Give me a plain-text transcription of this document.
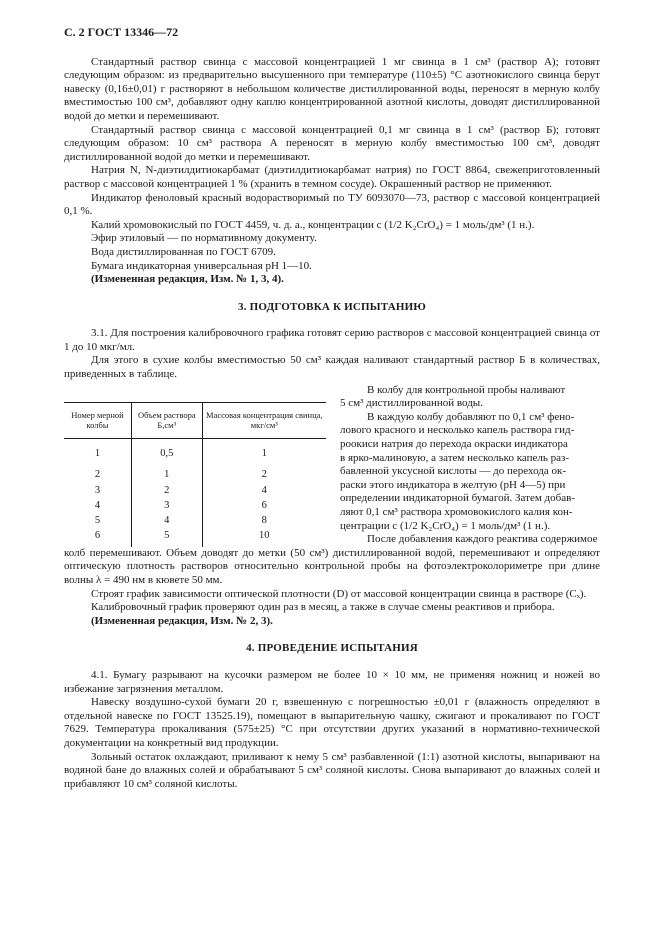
С. 2 ГОСТ 13346—72

Стандартный раствор свинца с массовой концентрацией 1 мг свинца в 1 см³ (раствор А); готовят следующим образом: из предварительно высушенного при температуре (110±5) °С азотнокислого свинца берут навеску (0,16±0,01) г растворяют в небольшом количестве дистиллированной воды, переносят в мерную колбу вместимостью 100 см³, добавляют одну каплю концентрированной азотной кислоты, доводят дистиллированной водой до метки и перемешивают.

Стандартный раствор свинца с массовой концентрацией 0,1 мг свинца в 1 см³ (раствор Б); готовят следующим образом: 10 см³ раствора А переносят в мерную колбу вместимостью 100 см³, доводят дистиллированной водой до метки и перемешивают.

Натрия N, N-диэтилдитиокарбамат (диэтилдитиокарбамат натрия) по ГОСТ 8864, свежеприготовленный раствор с массовой концентрацией 1 % (хранить в темном сосуде). Окрашенный раствор не применяют.

Индикатор феноловый красный водорастворимый по ТУ 6093070—73, раствор с массовой концентрацией 0,1 %.

Калий хромовокислый по ГОСТ 4459, ч. д. а., концентрации с (1/2 K₂CrO₄) = 1 моль/дм³ (1 н.).

Эфир этиловый — по нормативному документу.

Вода дистиллированная по ГОСТ 6709.

Бумага индикаторная универсальная рН 1—10.

(Измененная редакция, Изм. № 1, 3, 4).

3. ПОДГОТОВКА К ИСПЫТАНИЮ

3.1. Для построения калибровочного графика готовят серию растворов с массовой концентрацией свинца от 1 до 10 мкг/мл.

Для этого в сухие колбы вместимостью 50 см³ каждая наливают стандартный раствор Б в количествах, приведенных в таблице.

Номер мерной колбы	Объем раствора Б,см³	Массовая концентрация свинца, мкг/см³
1	0,5	1
2	1	2
3	2	4
4	3	6
5	4	8
6	5	10

В колбу для контрольной пробы наливают

5 см³ дистиллированной воды.

В каждую колбу добавляют по 0,1 см³ фено-

лового красного и несколько капель раствора гид-

роокиси натрия до перехода окраски индикатора

в ярко-малиновую, а затем несколько капель раз-

бавленной уксусной кислоты — до перехода ок-

раски этого индикатора в желтую (рН 4—5) при

определении индикаторной бумагой. Затем добав-

ляют 0,1 см³ раствора хромовокислого калия кон-

центрации с (1/2 K₂CrO₄) = 1 моль/дм³ (1 н.).

После добавления каждого реактива содержимое

колб перемешивают. Объем доводят до метки (50 см³) дистиллированной водой, перемешивают и определяют оптическую плотность растворов относительно контрольной пробы на фотоэлектроколориметре при длине волны λ = 490 нм в кювете 50 мм.

Строят график зависимости оптической плотности (D) от массовой концентрации свинца в растворе (Cₓ).

Калибровочный график проверяют один раз в месяц, а также в случае смены реактивов и прибора.

(Измененная редакция, Изм. № 2, 3).

4. ПРОВЕДЕНИЕ ИСПЫТАНИЯ

4.1. Бумагу разрывают на кусочки размером не более 10 × 10 мм, не применяя ножниц и ножей во избежание загрязнения металлом.

Навеску воздушно-сухой бумаги 20 г, взвешенную с погрешностью ±0,01 г (влажность определяют в отдельной навеске по ГОСТ 13525.19), помещают в выпарительную чашку, сжигают и прокаливают по ГОСТ 7629. Температура прокаливания (575±25) °С при отсутствии других указаний в нормативно-технической документации на конкретный вид продукции.

Зольный остаток охлаждают, приливают к нему 5 см³ разбавленной (1:1) азотной кислоты, выпаривают на водяной бане до влажных солей и обрабатывают 5 см³ соляной кислоты. Снова выпаривают до влажных солей и прибавляют 10 см³ соляной кислоты.
